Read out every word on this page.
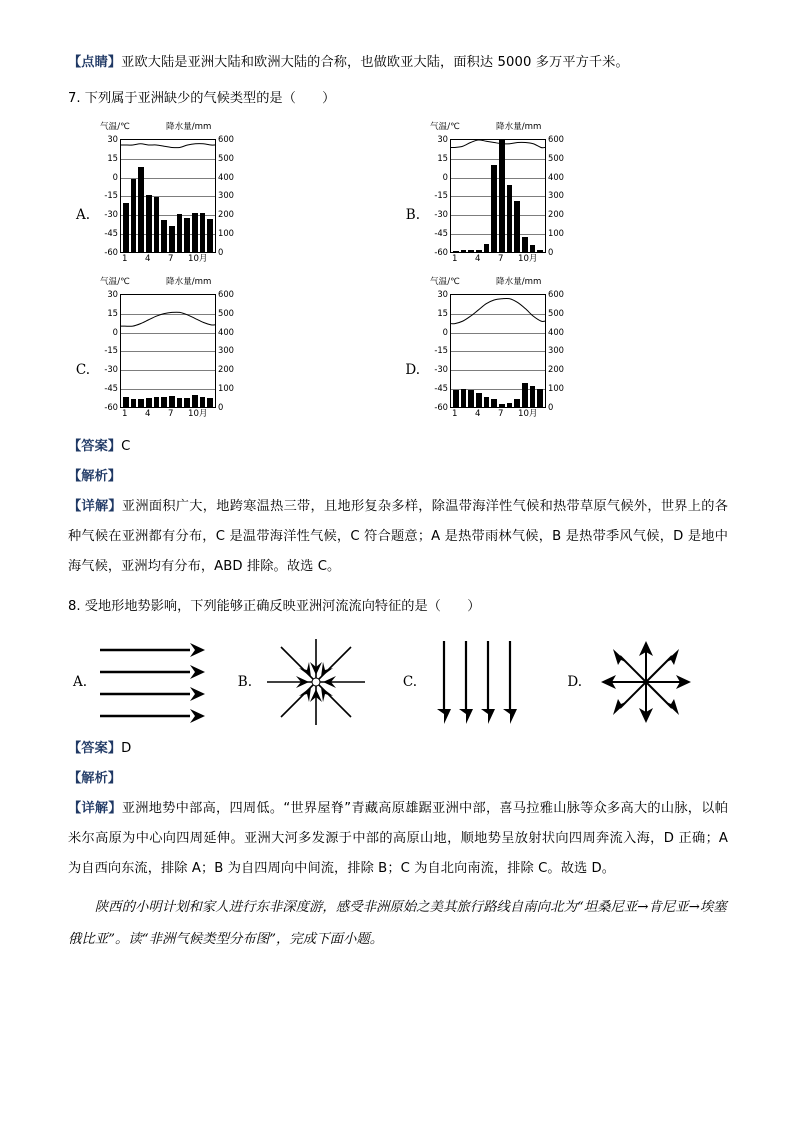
【点睛】亚欧大陆是亚洲大陆和欧洲大陆的合称，也做欧亚大陆，面积达 5000 多万平方千米。
7. 下列属于亚洲缺少的气候类型的是（　　）
A.
气温/℃	降水量/mm
30
15
0
-15
-30
-45
-60
600
500
400
300
200
100
0
1 4 7 10月
B.
气温/℃	降水量/mm
30
15
0
-15
-30
-45
-60
600
500
400
300
200
100
0
1 4 7 10月
C.
气温/℃	降水量/mm
30
15
0
-15
-30
-45
-60
600
500
400
300
200
100
0
1 4 7 10月
D.
气温/℃	降水量/mm
30
15
0
-15
-30
-45
-60
600
500
400
300
200
100
0
1 4 7 10月
【答案】C
【解析】
【详解】亚洲面积广大，地跨寒温热三带，且地形复杂多样，除温带海洋性气候和热带草原气候外，世界上的各种气候在亚洲都有分布，C 是温带海洋性气候，C 符合题意；A 是热带雨林气候，B 是热带季风气候，D 是地中海气候，亚洲均有分布，ABD 排除。故选 C。
8. 受地形地势影响，下列能够正确反映亚洲河流流向特征的是（　　）
A.	B.	C.	D.
【答案】D
【解析】
【详解】亚洲地势中部高，四周低。“世界屋脊”青藏高原雄踞亚洲中部，喜马拉雅山脉等众多高大的山脉，以帕米尔高原为中心向四周延伸。亚洲大河多发源于中部的高原山地，顺地势呈放射状向四周奔流入海，D 正确；A 为自西向东流，排除 A；B 为自四周向中间流，排除 B；C 为自北向南流，排除 C。故选 D。
陕西的小明计划和家人进行东非深度游，感受非洲原始之美其旅行路线自南向北为“坦桑尼亚→肯尼亚→埃塞俄比亚”。读“非洲气候类型分布图”，完成下面小题。
